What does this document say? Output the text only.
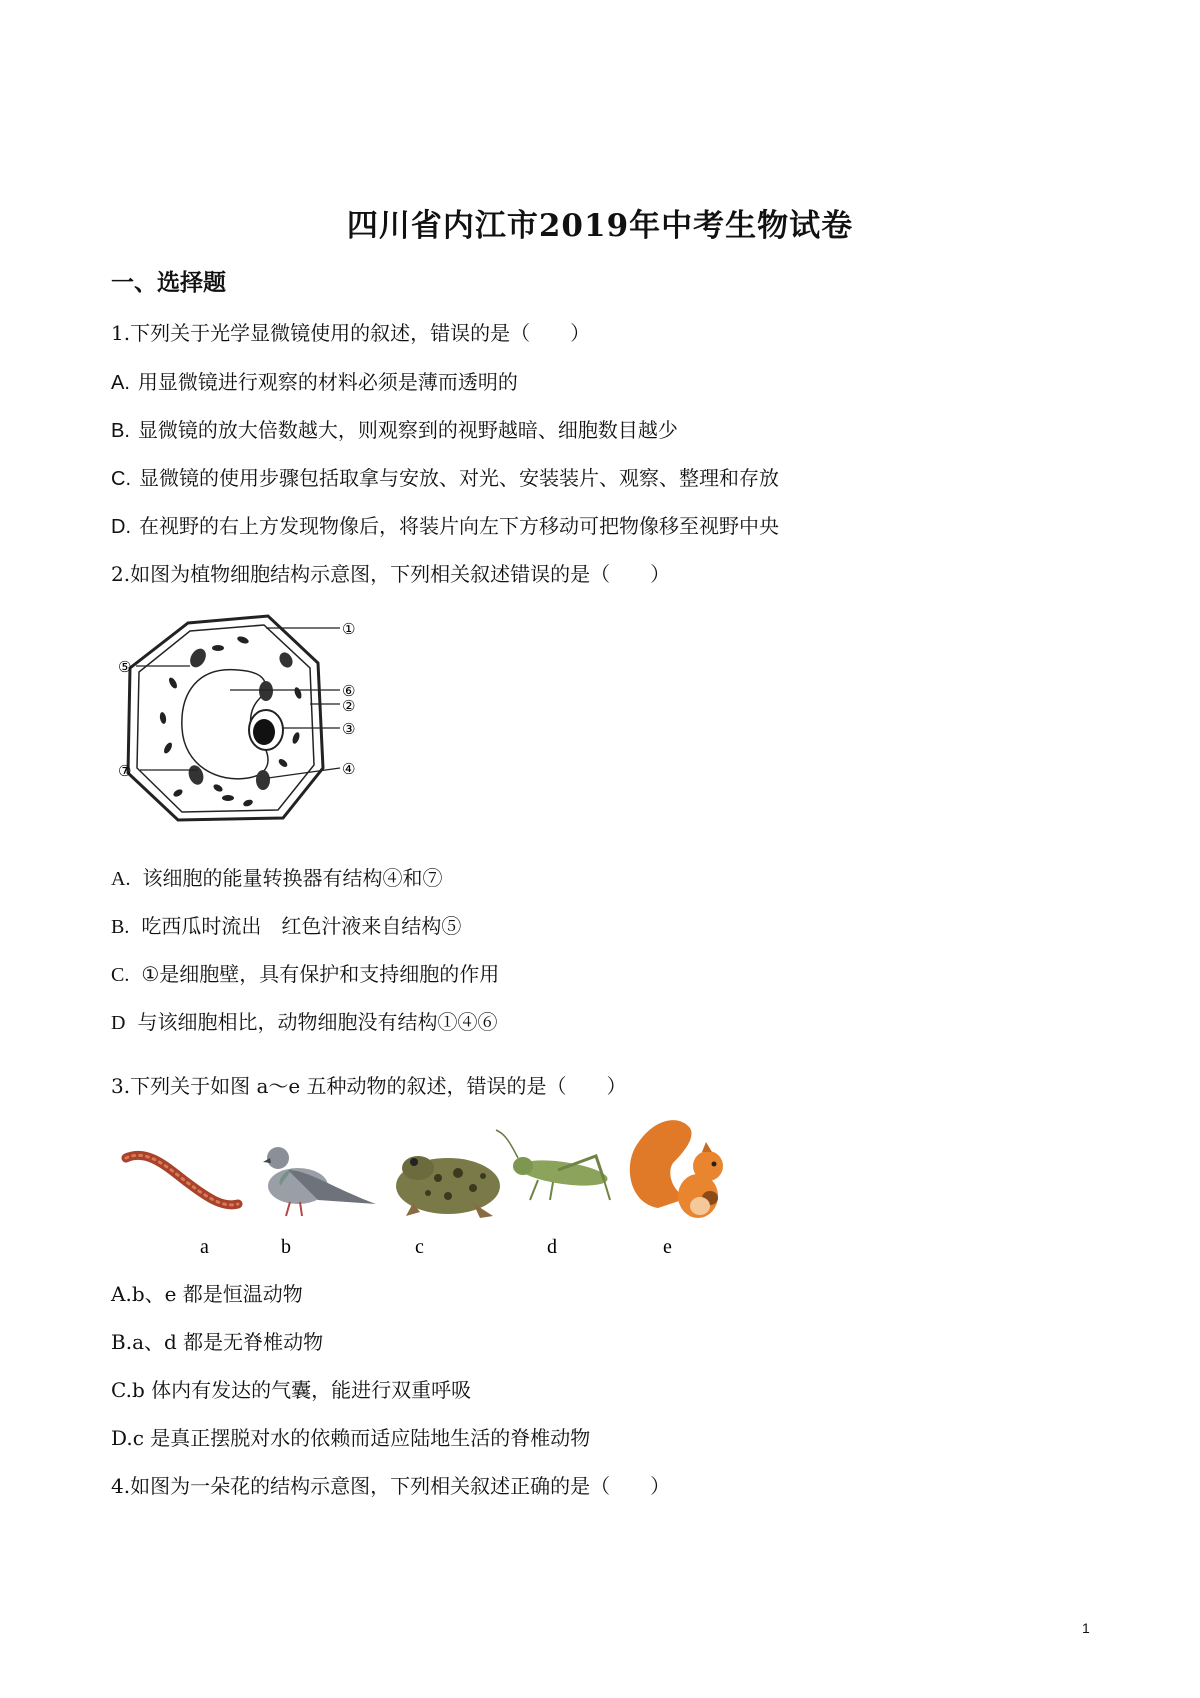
四川省内江市2019年中考生物试卷
一、选择题
1.下列关于光学显微镜使用的叙述，错误的是（　　）
A. 用显微镜进行观察的材料必须是薄而透明的
B. 显微镜的放大倍数越大，则观察到的视野越暗、细胞数目越少
C. 显微镜的使用步骤包括取拿与安放、对光、安装装片、观察、整理和存放
D. 在视野的右上方发现物像后，将装片向左下方移动可把物像移至视野中央
2.如图为植物细胞结构示意图，下列相关叙述错误的是（　　）
①
⑤
⑥
②
③
⑦	④
A. 该细胞的能量转换器有结构④和⑦
B. 吃西瓜时流出　红色汁液来自结构⑤
C. ①是细胞壁，具有保护和支持细胞的作用
D 与该细胞相比，动物细胞没有结构①④⑥
3.下列关于如图 a～e 五种动物的叙述，错误的是（　　）
a	b	c	d	e
A.b、e 都是恒温动物
B.a、d 都是无脊椎动物
C.b 体内有发达的气囊，能进行双重呼吸
D.c 是真正摆脱对水的依赖而适应陆地生活的脊椎动物
4.如图为一朵花的结构示意图，下列相关叙述正确的是（　　）
1
